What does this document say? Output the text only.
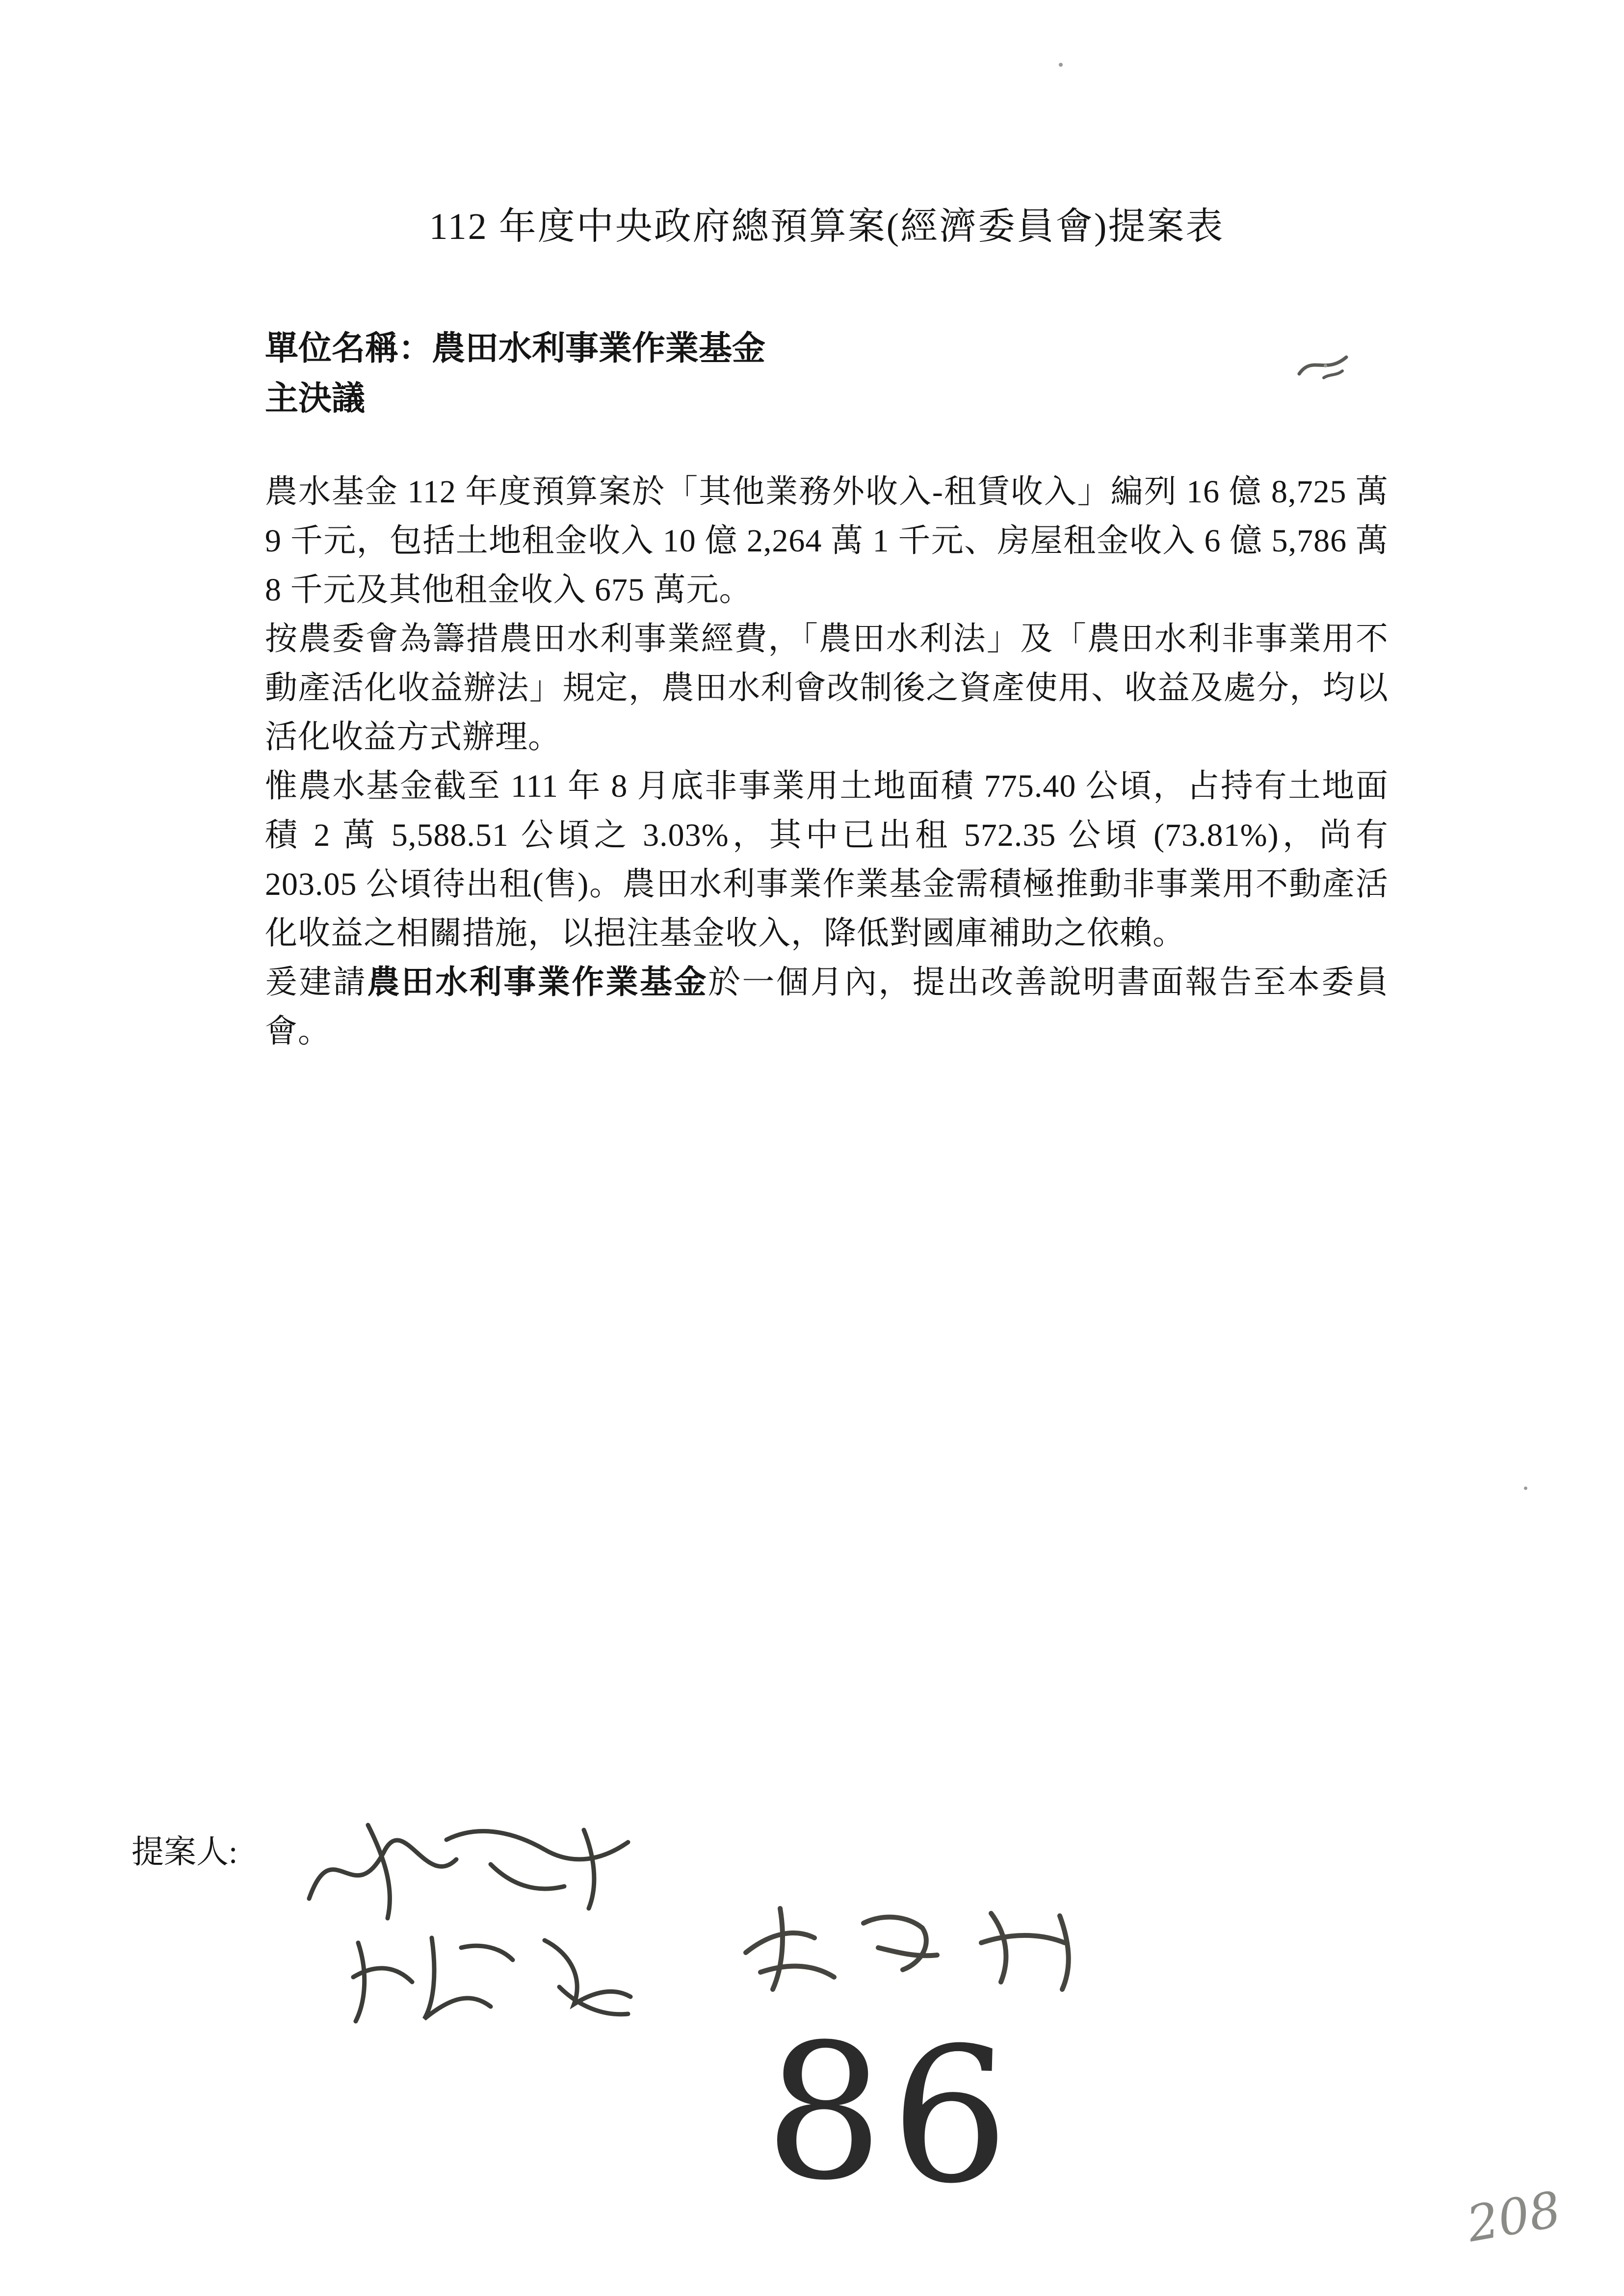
112 年度中央政府總預算案(經濟委員會)提案表

單位名稱：農田水利事業作業基金

主決議

農水基金 112 年度預算案於「其他業務外收入-租賃收入」編列 16 億 8,725 萬 9 千元，包括土地租金收入 10 億 2,264 萬 1 千元、房屋租金收入 6 億 5,786 萬 8 千元及其他租金收入 675 萬元。

按農委會為籌措農田水利事業經費，「農田水利法」及「農田水利非事業用不動產活化收益辦法」規定，農田水利會改制後之資產使用、收益及處分，均以活化收益方式辦理。

惟農水基金截至 111 年 8 月底非事業用土地面積 775.40 公頃，占持有土地面積 2 萬 5,588.51 公頃之 3.03%，其中已出租 572.35 公頃 (73.81%)，尚有 203.05 公頃待出租(售)。農田水利事業作業基金需積極推動非事業用不動產活化收益之相關措施，以挹注基金收入，降低對國庫補助之依賴。

爰建請農田水利事業作業基金於一個月內，提出改善說明書面報告至本委員會。

提案人:

86	208
